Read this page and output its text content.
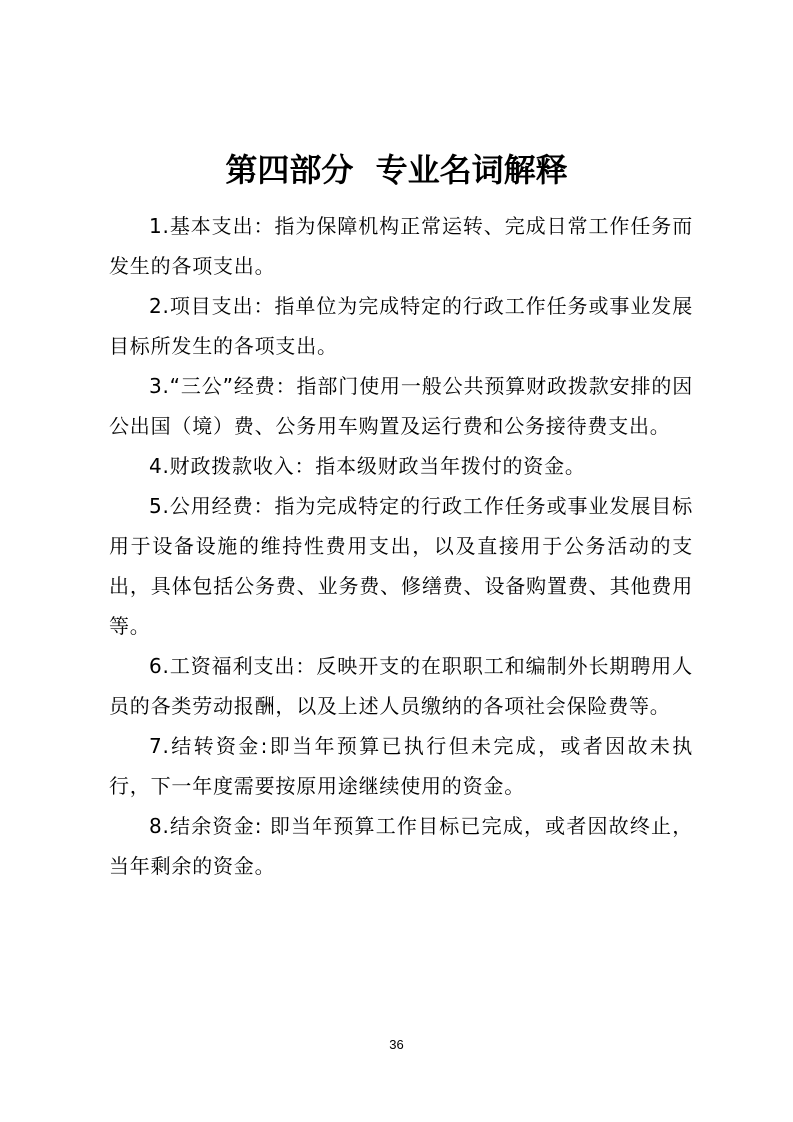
第四部分  专业名词解释

1.基本支出：指为保障机构正常运转、完成日常工作任务而发生的各项支出。

2.项目支出：指单位为完成特定的行政工作任务或事业发展目标所发生的各项支出。

3.“三公”经费：指部门使用一般公共预算财政拨款安排的因公出国（境）费、公务用车购置及运行费和公务接待费支出。

4.财政拨款收入：指本级财政当年拨付的资金。

5.公用经费：指为完成特定的行政工作任务或事业发展目标用于设备设施的维持性费用支出，以及直接用于公务活动的支出，具体包括公务费、业务费、修缮费、设备购置费、其他费用等。

6.工资福利支出：反映开支的在职职工和编制外长期聘用人员的各类劳动报酬，以及上述人员缴纳的各项社会保险费等。

7.结转资金:即当年预算已执行但未完成，或者因故未执行，下一年度需要按原用途继续使用的资金。

8.结余资金: 即当年预算工作目标已完成，或者因故终止，当年剩余的资金。

36
